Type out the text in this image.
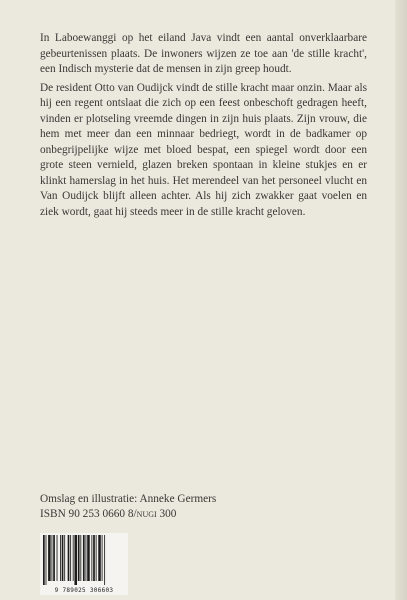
In Laboewanggi op het eiland Java vindt een aantal onverklaarbare gebeurtenissen plaats. De inwoners wijzen ze toe aan 'de stille kracht', een Indisch mysterie dat de mensen in zijn greep houdt.

De resident Otto van Oudijck vindt de stille kracht maar onzin. Maar als hij een regent ontslaat die zich op een feest onbeschoft gedragen heeft, vinden er plotseling vreemde dingen in zijn huis plaats. Zijn vrouw, die hem met meer dan een minnaar bedriegt, wordt in de badkamer op onbegrijpelijke wijze met bloed bespat, een spiegel wordt door een grote steen vernield, glazen breken spontaan in kleine stukjes en er klinkt hamerslag in het huis. Het merendeel van het personeel vlucht en Van Oudijck blijft alleen achter. Als hij zich zwakker gaat voelen en ziek wordt, gaat hij steeds meer in de stille kracht geloven.

Omslag en illustratie: Anneke Germers
ISBN 90 253 0660 8/nugi 300
9 789025 306603
